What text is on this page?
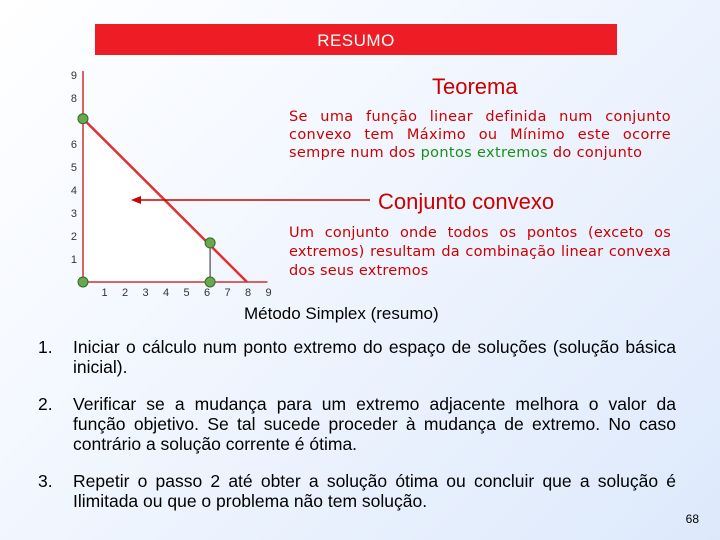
RESUMO
1
2
3
4
5
6
8
9
1 2 3 4 5 6 7 8 9
Teorema
Se uma função linear definida num conjunto convexo tem Máximo ou Mínimo este ocorre sempre num dos pontos extremos do conjunto
Conjunto convexo
Um conjunto onde todos os pontos (exceto os extremos) resultam da combinação linear convexa dos seus extremos
Método Simplex (resumo)
1.	Iniciar o cálculo num ponto extremo do espaço de soluções (solução básica inicial).
2.	Verificar se a mudança para um extremo adjacente melhora o valor da função objetivo. Se tal sucede proceder à mudança de extremo. No caso contrário a solução corrente é ótima.
3.	Repetir o passo 2 até obter a solução ótima ou concluir que a solução é Ilimitada ou que o problema não tem solução.
68
